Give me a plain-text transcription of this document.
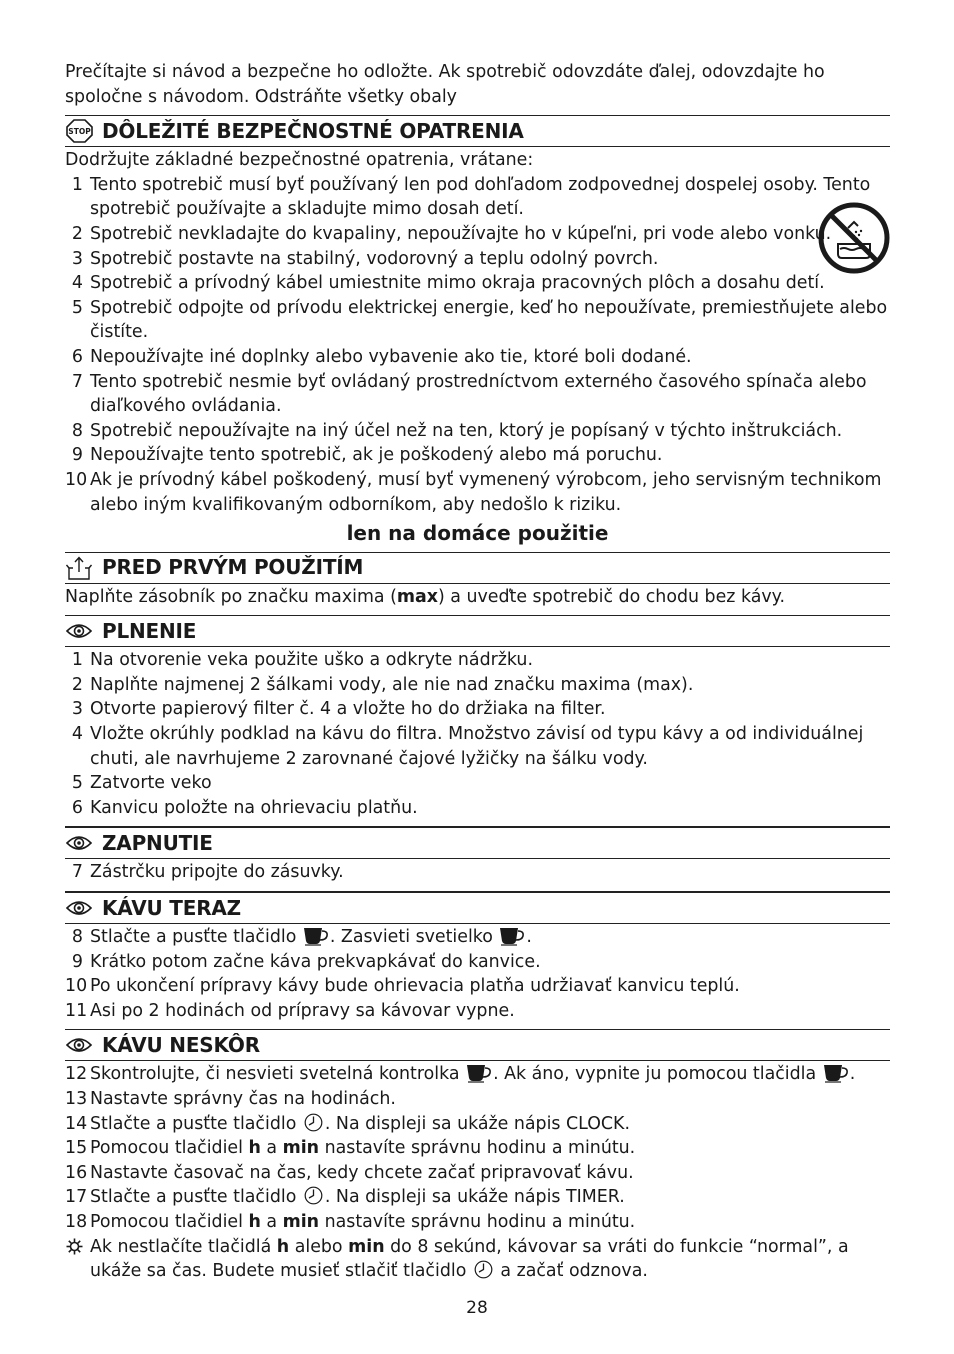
Prečítajte si návod a bezpečne ho odložte. Ak spotrebič odovzdáte ďalej, odovzdajte ho spoločne s návodom. Odstráňte všetky obaly

STOP DÔLEŽITÉ BEZPEČNOSTNÉ OPATRENIA

Dodržujte základné bezpečnostné opatrenia, vrátane:

1 Tento spotrebič musí byť používaný len pod dohľadom zodpovednej dospelej osoby. Tento spotrebič používajte a skladujte mimo dosah detí.
2 Spotrebič nevkladajte do kvapaliny, nepoužívajte ho v kúpeľni, pri vode alebo vonku.
3 Spotrebič postavte na stabilný, vodorovný a teplu odolný povrch.
4 Spotrebič a prívodný kábel umiestnite mimo okraja pracovných plôch a dosahu detí.
5 Spotrebič odpojte od prívodu elektrickej energie, keď ho nepoužívate, premiestňujete alebo čistíte.
6 Nepoužívajte iné doplnky alebo vybavenie ako tie, ktoré boli dodané.
7 Tento spotrebič nesmie byť ovládaný prostredníctvom externého časového spínača alebo diaľkového ovládania.
8 Spotrebič nepoužívajte na iný účel než na ten, ktorý je popísaný v týchto inštrukciách.
9 Nepoužívajte tento spotrebič, ak je poškodený alebo má poruchu.
10 Ak je prívodný kábel poškodený, musí byť vymenený výrobcom, jeho servisným technikom alebo iným kvalifikovaným odborníkom, aby nedošlo k riziku.
len na domáce použitie
PRED PRVÝM POUŽITÍM

Naplňte zásobník po značku maxima (max) a uveďte spotrebič do chodu bez kávy.

PLNENIE
1 Na otvorenie veka použite uško a odkryte nádržku.
2 Naplňte najmenej 2 šálkami vody, ale nie nad značku maxima (max).
3 Otvorte papierový filter č. 4 a vložte ho do držiaka na filter.
4 Vložte okrúhly podklad na kávu do filtra. Množstvo závisí od typu kávy a od individuálnej chuti, ale navrhujeme 2 zarovnané čajové lyžičky na šálku vody.
5 Zatvorte veko
6 Kanvicu položte na ohrievaciu platňu.
ZAPNUTIE
7 Zástrčku pripojte do zásuvky.
KÁVU TERAZ
8 Stlačte a pusťte tlačidlo . Zasvieti svetielko .
9 Krátko potom začne káva prekvapkávať do kanvice.
10 Po ukončení prípravy kávy bude ohrievacia platňa udržiavať kanvicu teplú.
11 Asi po 2 hodinách od prípravy sa kávovar vypne.
KÁVU NESKÔR
12 Skontrolujte, či nesvieti svetelná kontrolka . Ak áno, vypnite ju pomocou tlačidla .
13 Nastavte správny čas na hodinách.
14 Stlačte a pusťte tlačidlo . Na displeji sa ukáže nápis CLOCK.
15 Pomocou tlačidiel h a min nastavíte správnu hodinu a minútu.
16 Nastavte časovač na čas, kedy chcete začať pripravovať kávu.
17 Stlačte a pusťte tlačidlo . Na displeji sa ukáže nápis TIMER.
18 Pomocou tlačidiel h a min nastavíte správnu hodinu a minútu.
Ak nestlačíte tlačidlá h alebo min do 8 sekúnd, kávovar sa vráti do funkcie “normal”, a ukáže sa čas. Budete musieť stlačiť tlačidlo  a začať odznova.
28
